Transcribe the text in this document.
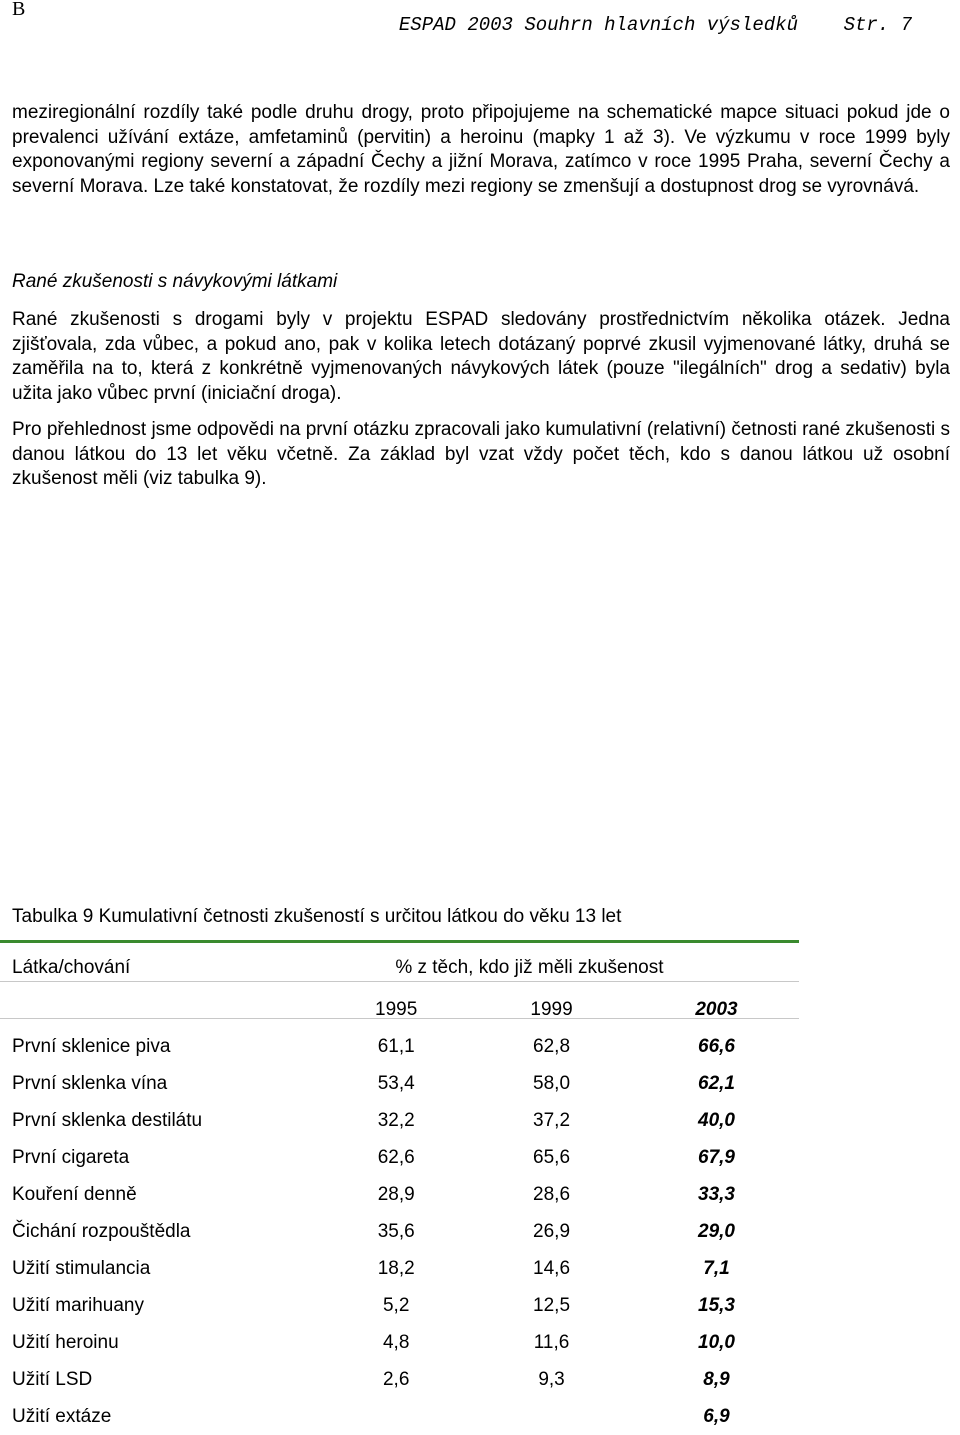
B
ESPAD 2003 Souhrn hlavních výsledků    Str. 7

meziregionální rozdíly také podle druhu drogy, proto připojujeme na schematické mapce situaci pokud jde o prevalenci užívání extáze, amfetaminů (pervitin) a heroinu (mapky 1 až 3). Ve výzkumu v roce 1999 byly exponovanými regiony severní a západní Čechy a jižní Morava, zatímco v roce 1995 Praha, severní Čechy a severní Morava. Lze také konstatovat, že rozdíly mezi regiony se zmenšují a dostupnost drog se vyrovnává.

Rané zkušenosti s návykovými látkami

Rané zkušenosti s drogami byly v projektu ESPAD sledovány prostřednictvím několika otázek. Jedna zjišťovala, zda vůbec, a pokud ano, pak v kolika letech dotázaný poprvé zkusil vyjmenované látky, druhá se zaměřila na to, která z konkrétně vyjmenovaných návykových látek (pouze "ilegálních" drog a sedativ) byla užita jako vůbec první (iniciační droga).

Pro přehlednost jsme odpovědi na první otázku zpracovali jako kumulativní (relativní) četnosti rané zkušenosti s danou látkou do 13 let věku včetně. Za základ byl vzat vždy počet těch, kdo s danou látkou už osobní zkušenost měli (viz tabulka 9).

Tabulka 9 Kumulativní četnosti zkušeností s určitou látkou do věku 13 let

Látka/chování	% z těch, kdo již měli zkušenost		
	1995	1999	2003
První sklenice piva	61,1	62,8	66,6
První sklenka vína	53,4	58,0	62,1
První sklenka destilátu	32,2	37,2	40,0
První cigareta	62,6	65,6	67,9
Kouření denně	28,9	28,6	33,3
Čichání rozpouštědla	35,6	26,9	29,0
Užití stimulancia	18,2	14,6	7,1
Užití marihuany	5,2	12,5	15,3
Užití heroinu	4,8	11,6	10,0
Užití LSD	2,6	9,3	8,9
Užití extáze			6,9
